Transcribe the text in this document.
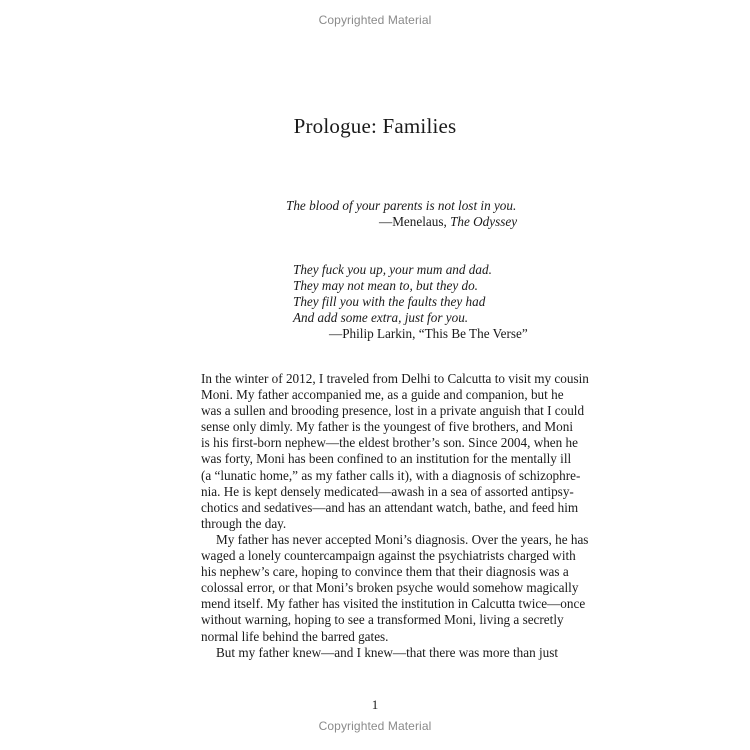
Copyrighted Material
Prologue: Families
The blood of your parents is not lost in you.
—Menelaus, The Odyssey
They fuck you up, your mum and dad.
They may not mean to, but they do.
They fill you with the faults they had
And add some extra, just for you.
—Philip Larkin, “This Be The Verse”

In the winter of 2012, I traveled from Delhi to Calcutta to visit my cousin
Moni. My father accompanied me, as a guide and companion, but he
was a sullen and brooding presence, lost in a private anguish that I could
sense only dimly. My father is the youngest of five brothers, and Moni
is his first-born nephew—the eldest brother’s son. Since 2004, when he
was forty, Moni has been confined to an institution for the mentally ill
(a “lunatic home,” as my father calls it), with a diagnosis of schizophre-
nia. He is kept densely medicated—awash in a sea of assorted antipsy-
chotics and sedatives—and has an attendant watch, bathe, and feed him
through the day.

My father has never accepted Moni’s diagnosis. Over the years, he has
waged a lonely countercampaign against the psychiatrists charged with
his nephew’s care, hoping to convince them that their diagnosis was a
colossal error, or that Moni’s broken psyche would somehow magically
mend itself. My father has visited the institution in Calcutta twice—once
without warning, hoping to see a transformed Moni, living a secretly
normal life behind the barred gates.

But my father knew—and I knew—that there was more than just

1
Copyrighted Material
